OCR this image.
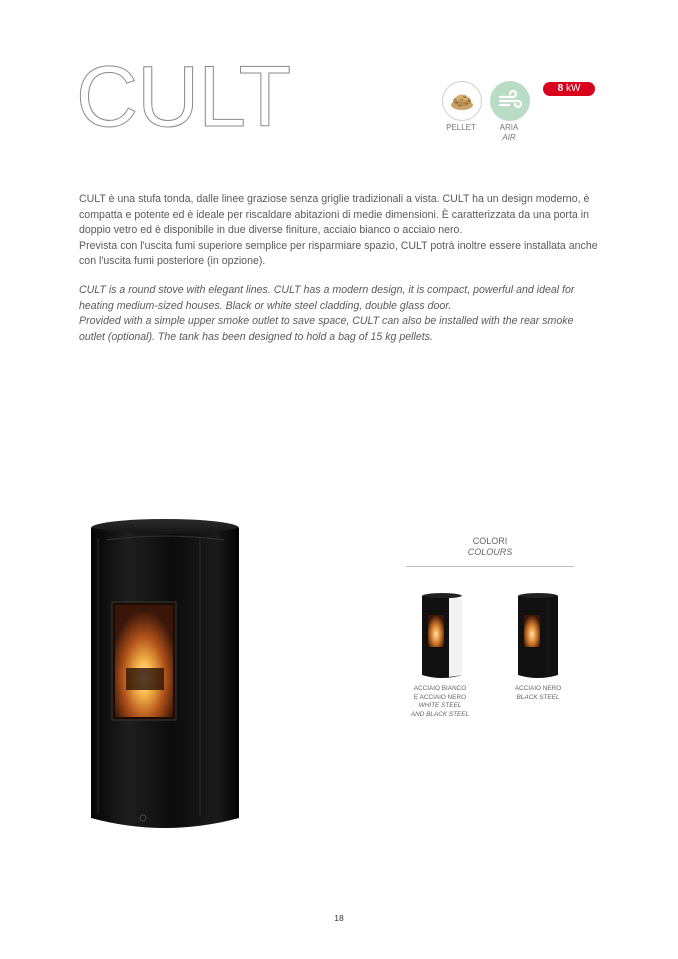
CULT	PELLET	ARIA
AIR
8 kW

CULT è una stufa tonda, dalle linee graziose senza griglie tradizionali a vista. CULT ha un design moderno, è compatta e potente ed è ideale per riscaldare abitazioni di medie dimensioni. È caratterizzata da una porta in doppio vetro ed è disponibile in due diverse finiture, acciaio bianco o acciaio nero.

Prevista con l'uscita fumi superiore semplice per risparmiare spazio, CULT potrà inoltre essere installata anche con l'uscita fumi posteriore (in opzione).

CULT is a round stove with elegant lines. CULT has a modern design, it is compact, powerful and ideal for heating medium-sized houses. Black or white steel cladding, double glass door.

Provided with a simple upper smoke outlet to save space, CULT can also be installed with the rear smoke outlet (optional). The tank has been designed to hold a bag of 15 kg pellets.

COLORI
COLOURS
ACCIAIO BIANCO
E ACCIAIO NERO
WHITE STEEL
AND BLACK STEEL
ACCIAIO NERO
BLACK STEEL
18
